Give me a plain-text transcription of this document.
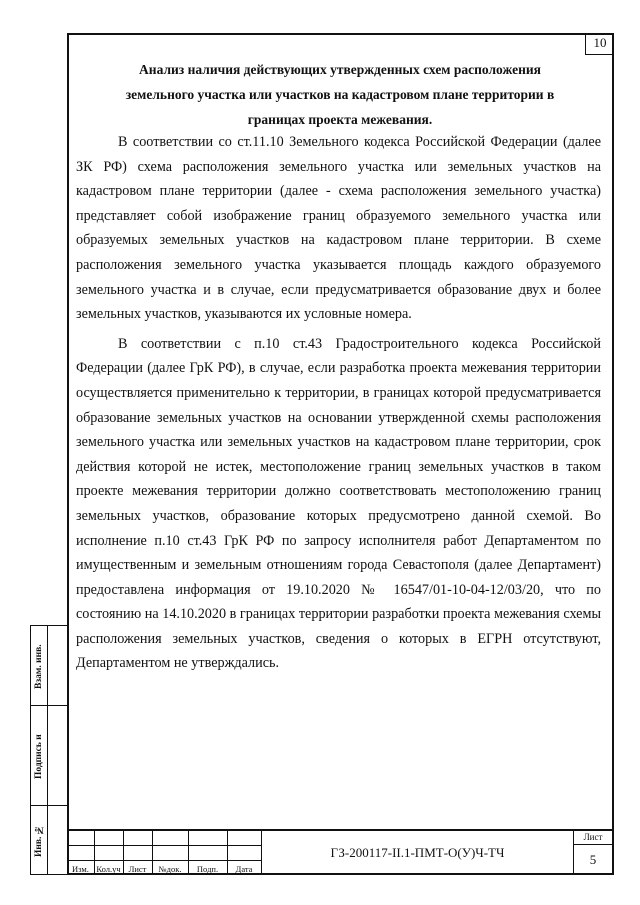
10
Анализ наличия действующих утвержденных схем расположения
земельного участка или участков на кадастровом плане территории в
границах проекта межевания.

В соответствии со ст.11.10 Земельного кодекса Российской Федерации (далее ЗК РФ) схема расположения земельного участка или земельных участков на кадастровом плане территории (далее - схема расположения земельного участка) представляет собой изображение границ образуемого земельного участка или образуемых земельных участков на кадастровом плане территории. В схеме расположения земельного участка указывается площадь каждого образуемого земельного участка и в случае, если предусматривается образование двух и более земельных участков, указываются их условные номера.

В соответствии с п.10 ст.43 Градостроительного кодекса Российской Федерации (далее ГрК РФ), в случае, если разработка проекта межевания территории осуществляется применительно к территории, в границах которой предусматривается образование земельных участков на основании утвержденной схемы расположения земельного участка или земельных участков на кадастровом плане территории, срок действия которой не истек, местоположение границ земельных участков в таком проекте межевания территории должно соответствовать местоположению границ земельных участков, образование которых предусмотрено данной схемой. Во исполнение п.10 ст.43 ГрК РФ по запросу исполнителя работ Департаментом по имущественным и земельным отношениям города Севастополя (далее Департамент) предоставлена информация от 19.10.2020 № 16547/01-10-04-12/03/20, что по состоянию на 14.10.2020 в границах территории разработки проекта межевания схемы расположения земельных участков, сведения о которых в ЕГРН отсутствуют, Департаментом не утверждались.

Взам. инв.
Подпись и
Инв. №
Изм. Кол.уч Лист	№док.	Подп.	Дата
ГЗ-200117-II.1-ПМТ-О(У)Ч-ТЧ
Лист
5
